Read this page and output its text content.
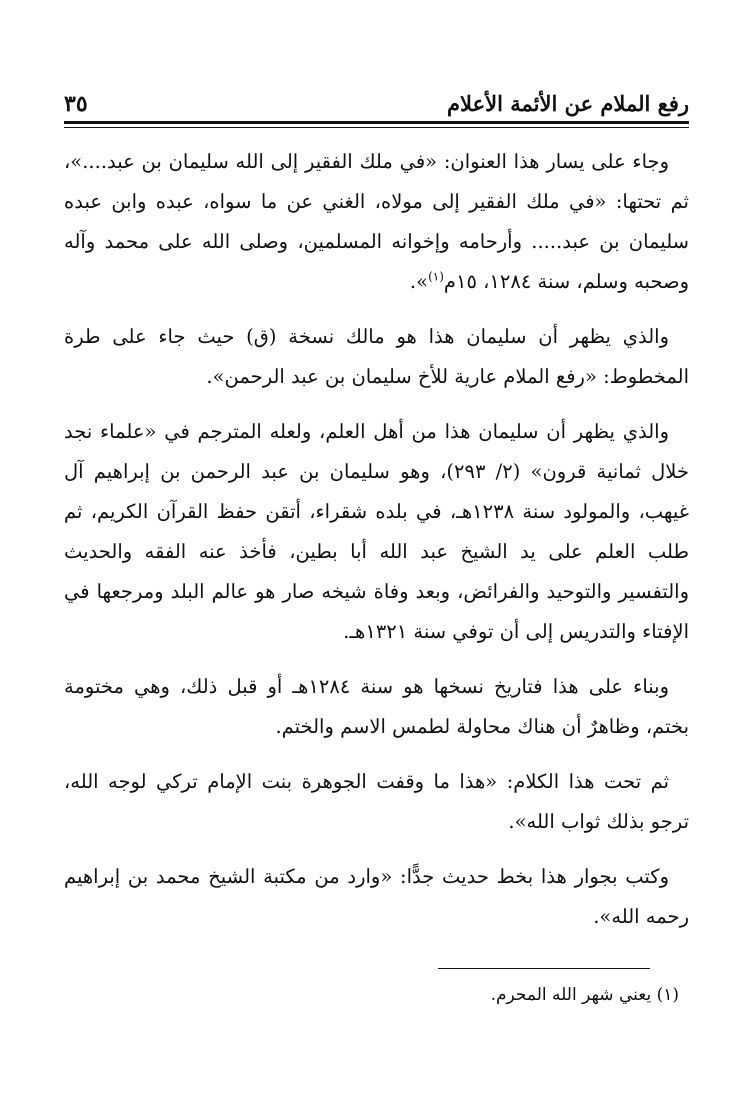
رفع الملام عن الأئمة الأعلام
٣٥

وجاء على يسار هذا العنوان: «في ملك الفقير إلى الله سليمان بن عبد....»، ثم تحتها: «في ملك الفقير إلى مولاه، الغني عن ما سواه، عبده وابن عبده سليمان بن عبد..... وأرحامه وإخوانه المسلمين، وصلى الله على محمد وآله وصحبه وسلم، سنة ١٢٨٤، ١٥م$^{(١)}$».

والذي يظهر أن سليمان هذا هو مالك نسخة (ق) حيث جاء على طرة المخطوط: «رفع الملام عارية للأخ سليمان بن عبد الرحمن».

والذي يظهر أن سليمان هذا من أهل العلم، ولعله المترجم في «علماء نجد خلال ثمانية قرون» (٢/ ٢٩٣)، وهو سليمان بن عبد الرحمن بن إبراهيم آل غيهب، والمولود سنة ١٢٣٨هـ، في بلده شقراء، أتقن حفظ القرآن الكريم، ثم طلب العلم على يد الشيخ عبد الله أبا بطين، فأخذ عنه الفقه والحديث والتفسير والتوحيد والفرائض، وبعد وفاة شيخه صار هو عالم البلد ومرجعها في الإفتاء والتدريس إلى أن توفي سنة ١٣٢١هـ.

وبناء على هذا فتاريخ نسخها هو سنة ١٢٨٤هـ أو قبل ذلك، وهي مختومة بختم، وظاهرٌ أن هناك محاولة لطمس الاسم والختم.

ثم تحت هذا الكلام: «هذا ما وقفت الجوهرة بنت الإمام تركي لوجه الله، ترجو بذلك ثواب الله».

وكتب بجوار هذا بخط حديث جدًّا: «وارد من مكتبة الشيخ محمد بن إبراهيم رحمه الله».

(١) يعني شهر الله المحرم.
